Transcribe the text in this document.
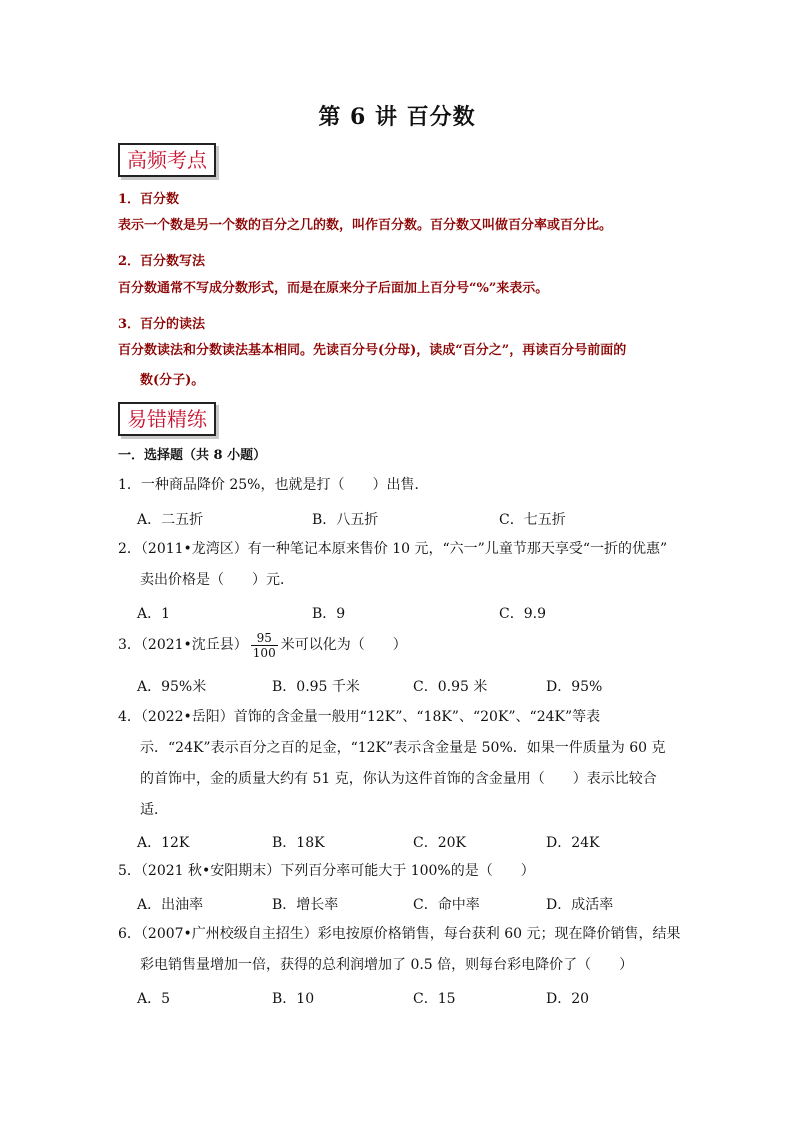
第 6 讲 百分数
高频考点
1．百分数
表示一个数是另一个数的百分之几的数，叫作百分数。百分数又叫做百分率或百分比。
2．百分数写法
百分数通常不写成分数形式，而是在原来分子后面加上百分号“%”来表示。
3．百分的读法
百分数读法和分数读法基本相同。先读百分号(分母)，读成“百分之”，再读百分号前面的
数(分子)。
易错精练
一．选择题（共 8 小题）
1．一种商品降价 25%，也就是打（　　）出售．
A．二五折	B．八五折	C．七五折
2．（2011•龙湾区）有一种笔记本原来售价 10 元，“六一”儿童节那天享受“一折的优惠”
卖出价格是（　　）元．
A．1	B．9	C．9.9
3．（2021•沈丘县） $\frac{95}{100}$ 米可以化为（　　）
A．95%米	B．0.95 千米	C．0.95 米	D．95%
4．（2022•岳阳）首饰的含金量一般用“12K”、“18K”、“20K”、“24K”等表
示．“24K”表示百分之百的足金，“12K”表示含金量是 50%．如果一件质量为 60 克
的首饰中，金的质量大约有 51 克，你认为这件首饰的含金量用（　　）表示比较合
适．
A．12K	B．18K	C．20K	D．24K
5．（2021 秋•安阳期末）下列百分率可能大于 100%的是（　　）
A．出油率	B．增长率	C．命中率	D．成活率
6．（2007•广州校级自主招生）彩电按原价格销售，每台获利 60 元；现在降价销售，结果
彩电销售量增加一倍，获得的总利润增加了 0.5 倍，则每台彩电降价了（　　）
A．5	B．10	C．15	D．20
